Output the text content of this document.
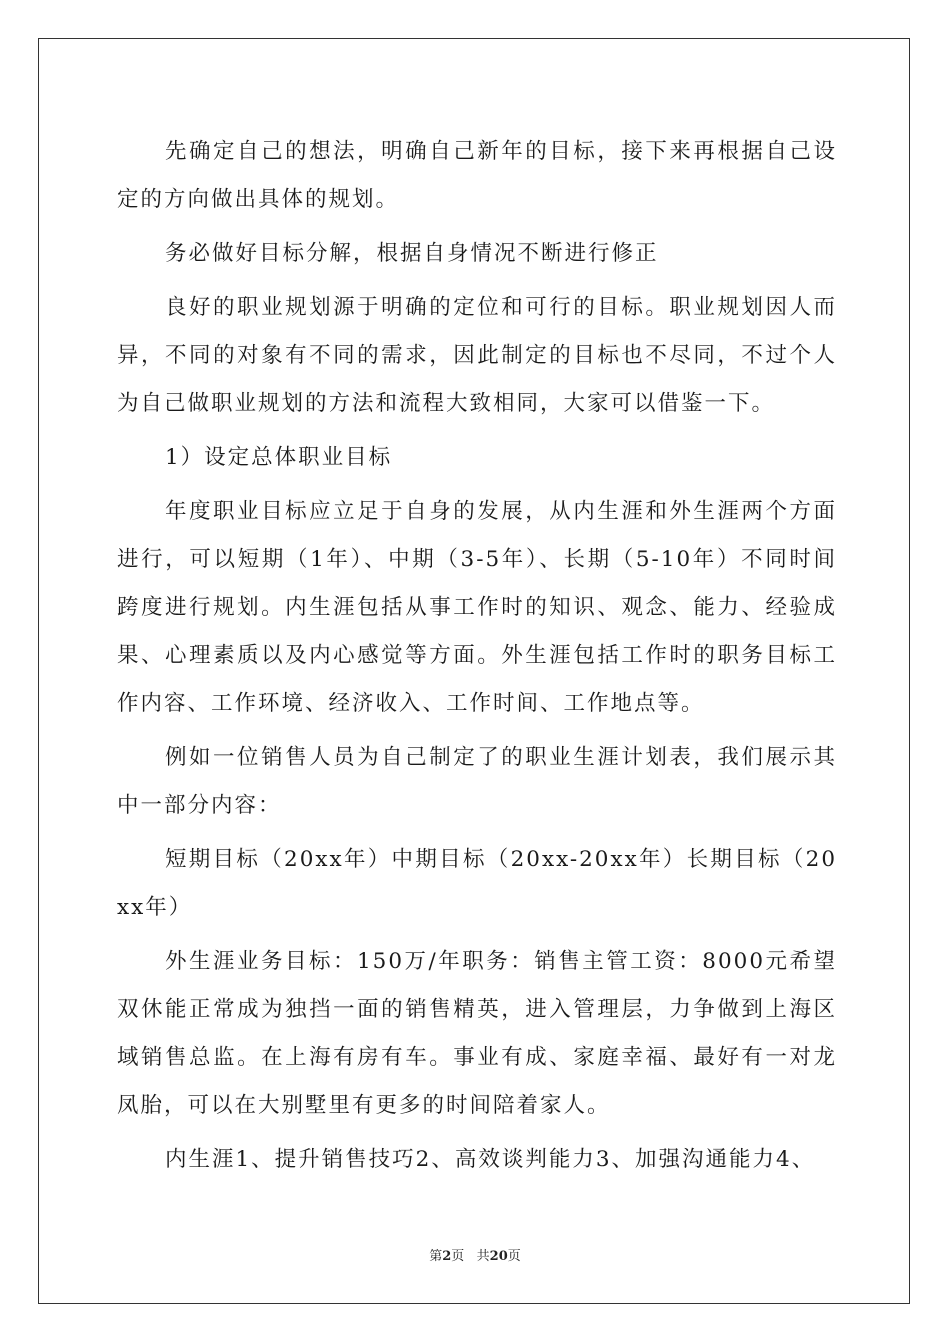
先确定自己的想法，明确自己新年的目标，接下来再根据自己设定的方向做出具体的规划。

务必做好目标分解，根据自身情况不断进行修正

良好的职业规划源于明确的定位和可行的目标。职业规划因人而异，不同的对象有不同的需求，因此制定的目标也不尽同，不过个人为自己做职业规划的方法和流程大致相同，大家可以借鉴一下。

1）设定总体职业目标

年度职业目标应立足于自身的发展，从内生涯和外生涯两个方面进行，可以短期（1年）、中期（3-5年）、长期（5-10年）不同时间跨度进行规划。内生涯包括从事工作时的知识、观念、能力、经验成果、心理素质以及内心感觉等方面。外生涯包括工作时的职务目标工作内容、工作环境、经济收入、工作时间、工作地点等。

例如一位销售人员为自己制定了的职业生涯计划表，我们展示其中一部分内容：

短期目标（20xx年）中期目标（20xx-20xx年）长期目标（20xx年）

外生涯业务目标：150万/年职务：销售主管工资：8000元希望双休能正常成为独挡一面的销售精英，进入管理层，力争做到上海区域销售总监。在上海有房有车。事业有成、家庭幸福、最好有一对龙凤胎，可以在大别墅里有更多的时间陪着家人。

内生涯1、提升销售技巧2、高效谈判能力3、加强沟通能力4、

第2页   共20页
